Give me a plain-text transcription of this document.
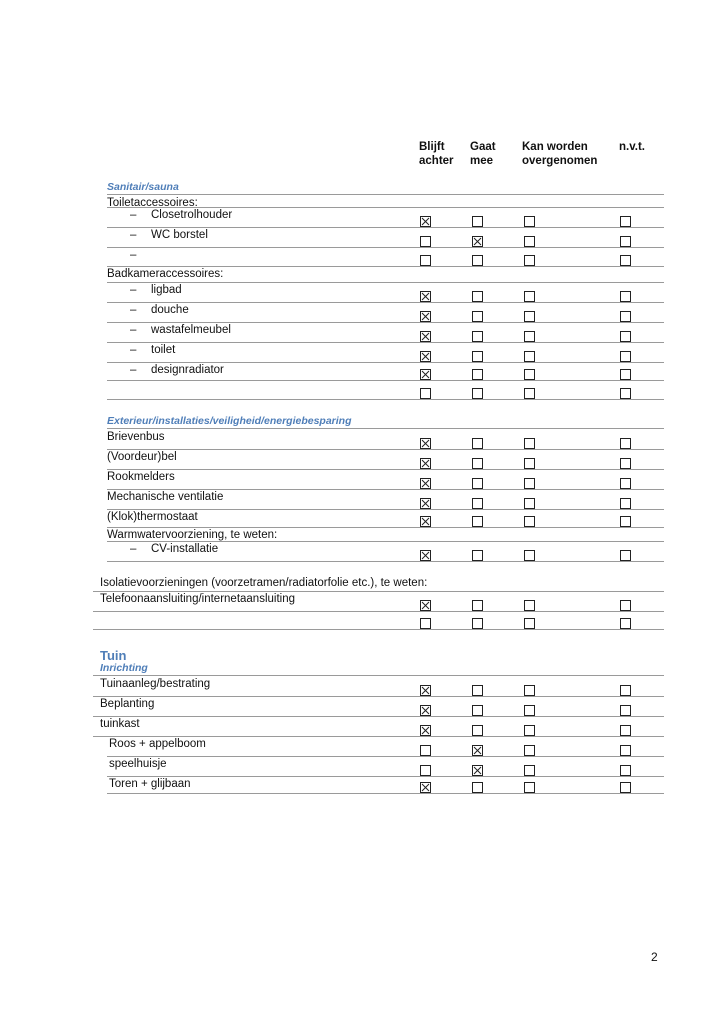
Blijft
achter
Gaat
mee
Kan worden
overgenomen
n.v.t.
Sanitair/sauna
Exterieur/installaties/veiligheid/energiebesparing
Tuin
Inrichting
Toiletaccessoires:
– Closetrolhouder
– WC borstel
–
Badkameraccessoires:
– ligbad
– douche
– wastafelmeubel
– toilet
– designradiator
Brievenbus
(Voordeur)bel
Rookmelders
Mechanische ventilatie
(Klok)thermostaat
Warmwatervoorziening, te weten:
– CV-installatie
Isolatievoorzieningen (voorzetramen/radiatorfolie etc.), te weten:
Telefoonaansluiting/internetaansluiting
Tuinaanleg/bestrating
Beplanting
tuinkast
Roos + appelboom
speelhuisje
Toren + glijbaan
2
